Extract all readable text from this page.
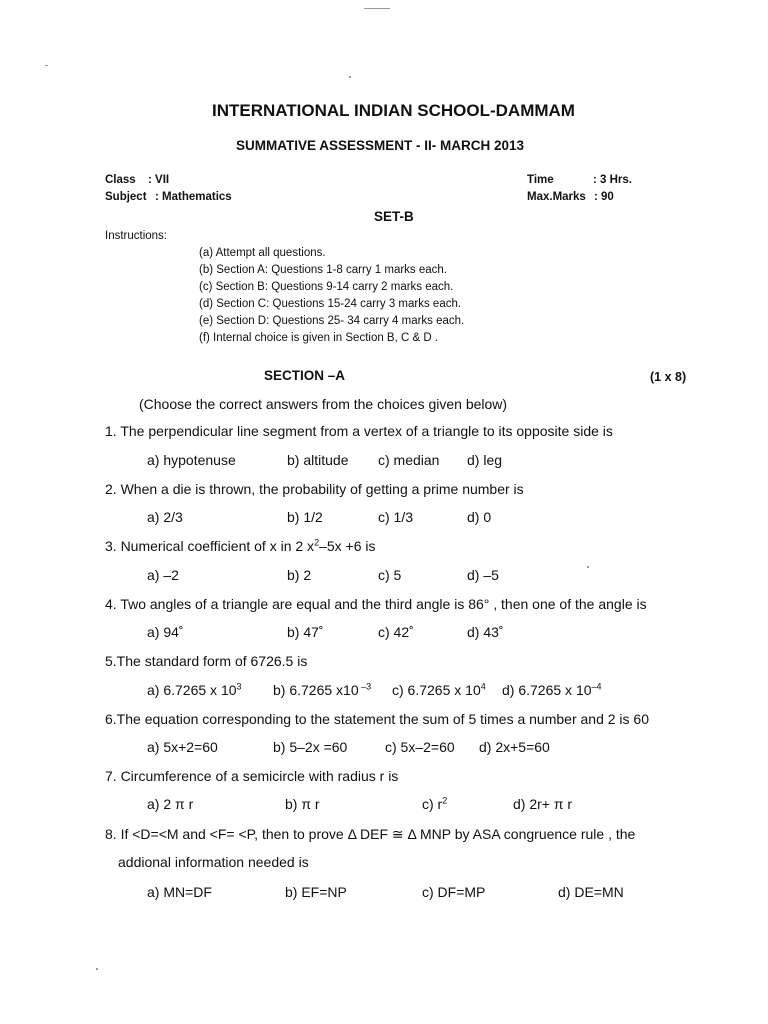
INTERNATIONAL INDIAN SCHOOL-DAMMAM
SUMMATIVE ASSESSMENT - II- MARCH 2013
Class : VII
Subject : Mathematics
Time	: 3 Hrs.
Max.Marks : 90
SET-B
Instructions:
(a) Attempt all questions.
(b) Section A: Questions 1-8 carry 1 marks each.
(c) Section B: Questions 9-14 carry 2 marks each.
(d) Section C: Questions 15-24 carry 3 marks each.
(e) Section D: Questions 25- 34 carry 4 marks each.
(f) Internal choice is given in Section B, C & D .
SECTION –A	(1 x 8)
(Choose the correct answers from the choices given below)
1. The perpendicular line segment from a vertex of a triangle to its opposite side is
a) hypotenuse	b) altitude c) median d) leg
2. When a die is thrown, the probability of getting a prime number is
a) 2/3	b) 1/2	c) 1/3	d) 0
3. Numerical coefficient of x in 2 $x^2-5x +6$ is
a) –2	b) 2	c) 5	d) –5
4. Two angles of a triangle are equal and the third angle is 86° , then one of the angle is
a) 94˚	b) 47˚	c) 42˚	d) 43˚
5.The standard form of 6726.5 is
a) 6.7265 x $10^3$ b) 6.7265 x10 $^{-3}$ c) 6.7265 x $10^4$ d) 6.7265 x $10^{-4}$
6.The equation corresponding to the statement the sum of 5 times a number and 2 is 60
a) 5x+2=60	b) 5–2x =60	c) 5x–2=60 d) 2x+5=60
7. Circumference of a semicircle with radius r is
a) 2 π r	b) π r	c) $r^2$	d) 2r+ π r
8. If <D=<M and <F= <P, then to prove Δ DEF ≅ Δ MNP by ASA congruence rule , the
addional information needed is
a) MN=DF	b) EF=NP	c) DF=MP	d) DE=MN
